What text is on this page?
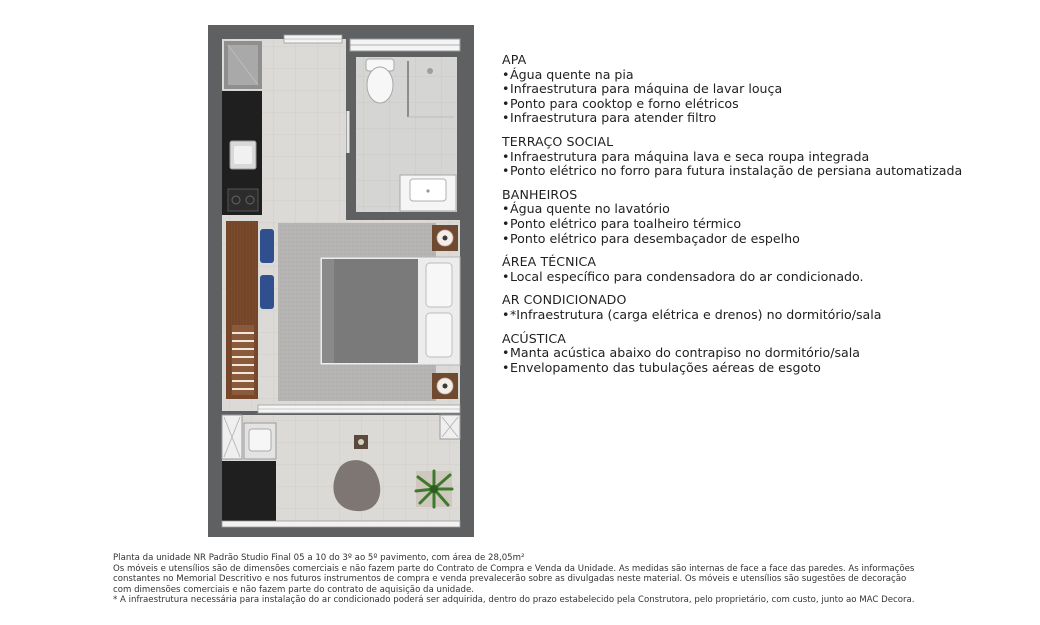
APA
•Água quente na pia
•Infraestrutura para máquina de lavar louça
•Ponto para cooktop e forno elétricos
•Infraestrutura para atender filtro
TERRAÇO SOCIAL
•Infraestrutura para máquina lava e seca roupa integrada
•Ponto elétrico no forro para futura instalação de persiana automatizada
BANHEIROS
•Água quente no lavatório
•Ponto elétrico para toalheiro térmico
•Ponto elétrico para desembaçador de espelho
ÁREA TÉCNICA
•Local específico para condensadora do ar condicionado.
AR CONDICIONADO
•*Infraestrutura (carga elétrica e drenos) no dormitório/sala
ACÚSTICA
•Manta acústica abaixo do contrapiso no dormitório/sala
•Envelopamento das tubulações aéreas de esgoto

Planta da unidade NR Padrão Studio Final 05 a 10 do 3º ao 5º pavimento, com área de 28,05m²

Os móveis e utensílios são de dimensões comerciais e não fazem parte do Contrato de Compra e Venda da Unidade. As medidas são internas de face a face das paredes. As informações

constantes no Memorial Descritivo e nos futuros instrumentos de compra e venda prevalecerão sobre as divulgadas neste material. Os móveis e utensílios são sugestões de decoração

com dimensões comerciais e não fazem parte do contrato de aquisição da unidade.

* A infraestrutura necessária para instalação do ar condicionado poderá ser adquirida, dentro do prazo estabelecido pela Construtora, pelo proprietário, com custo, junto ao MAC Decora.
